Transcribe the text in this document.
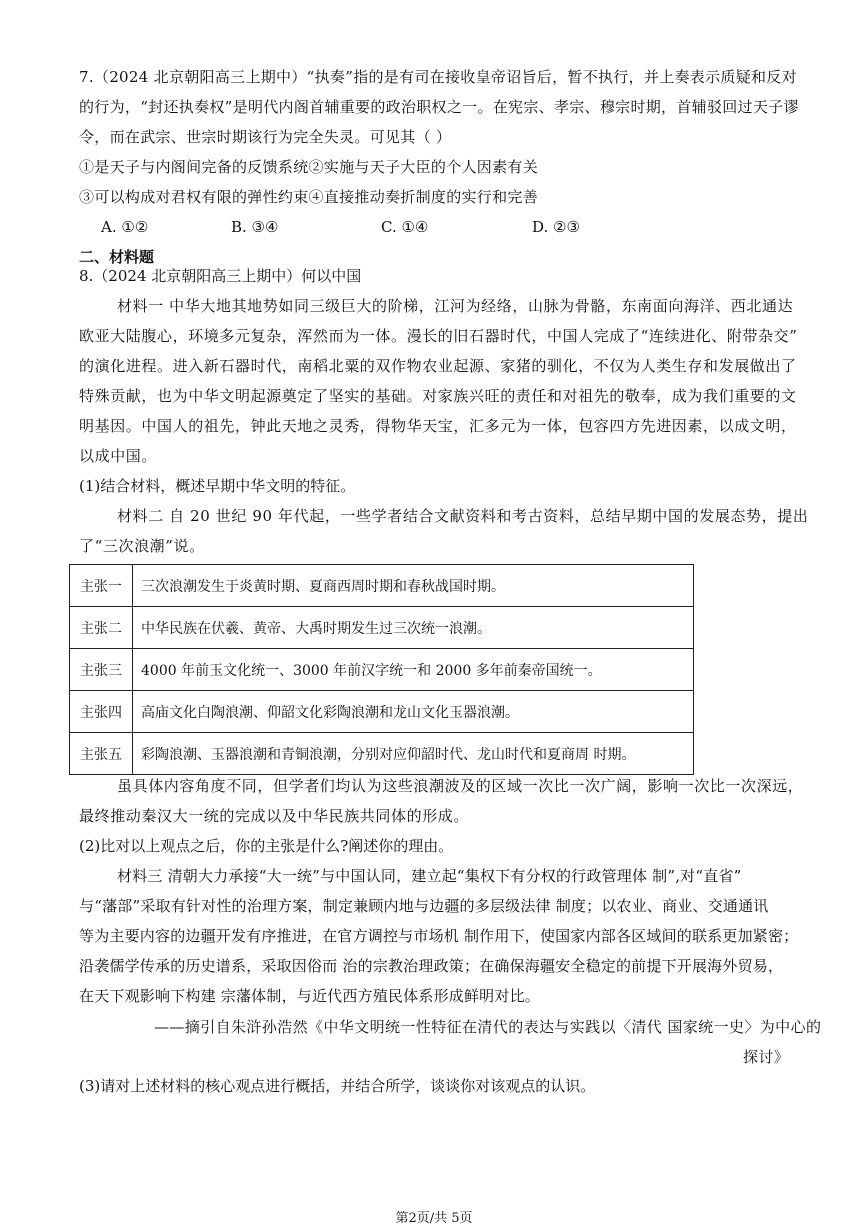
7.（2024 北京朝阳高三上期中）“执奏”指的是有司在接收皇帝诏旨后，暂不执行，并上奏表示质疑和反对
的行为，“封还执奏权”是明代内阁首辅重要的政治职权之一。在宪宗、孝宗、穆宗时期，首辅驳回过天子谬
令，而在武宗、世宗时期该行为完全失灵。可见其（ ）
①是天子与内阁间完备的反馈系统②实施与天子大臣的个人因素有关
③可以构成对君权有限的弹性约束④直接推动奏折制度的实行和完善
A. ①②	B. ③④	C. ①④	D. ②③
二、材料题
8.（2024 北京朝阳高三上期中）何以中国
材料一 中华大地其地势如同三级巨大的阶梯，江河为经络，山脉为骨骼，东南面向海洋、西北通达
欧亚大陆腹心，环境多元复杂，浑然而为一体。漫长的旧石器时代，中国人完成了“连续进化、附带杂交”
的演化进程。进入新石器时代，南稻北粟的双作物农业起源、家猪的驯化，不仅为人类生存和发展做出了
特殊贡献，也为中华文明起源奠定了坚实的基础。对家族兴旺的责任和对祖先的敬奉，成为我们重要的文
明基因。中国人的祖先，钟此天地之灵秀，得物华天宝，汇多元为一体，包容四方先进因素，以成文明，
以成中国。
(1)结合材料，概述早期中华文明的特征。
材料二 自 20 世纪 90 年代起，一些学者结合文献资料和考古资料，总结早期中国的发展态势，提出
了“三次浪潮”说。
主张一	三次浪潮发生于炎黄时期、夏商西周时期和春秋战国时期。
主张二	中华民族在伏羲、黄帝、大禹时期发生过三次统一浪潮。
主张三	4000 年前玉文化统一、3000 年前汉字统一和 2000 多年前秦帝国统一。
主张四	高庙文化白陶浪潮、仰韶文化彩陶浪潮和龙山文化玉器浪潮。
主张五	彩陶浪潮、玉器浪潮和青铜浪潮，分别对应仰韶时代、龙山时代和夏商周 时期。
虽具体内容角度不同，但学者们均认为这些浪潮波及的区域一次比一次广阔，影响一次比一次深远，
最终推动秦汉大一统的完成以及中华民族共同体的形成。
(2)比对以上观点之后，你的主张是什么?阐述你的理由。
材料三 清朝大力承接“大一统”与中国认同，建立起“集权下有分权的行政管理体 制”,对“直省”
与“藩部”采取有针对性的治理方案，制定兼顾内地与边疆的多层级法律 制度；以农业、商业、交通通讯
等为主要内容的边疆开发有序推进，在官方调控与市场机 制作用下，使国家内部各区域间的联系更加紧密；
沿袭儒学传承的历史谱系，采取因俗而 治的宗教治理政策；在确保海疆安全稳定的前提下开展海外贸易，
在天下观影响下构建 宗藩体制，与近代西方殖民体系形成鲜明对比。
——摘引自朱浒孙浩然《中华文明统一性特征在清代的表达与实践以〈清代 国家统一史〉为中心的
探讨》
(3)请对上述材料的核心观点进行概括，并结合所学，谈谈你对该观点的认识。
第2页/共 5页
